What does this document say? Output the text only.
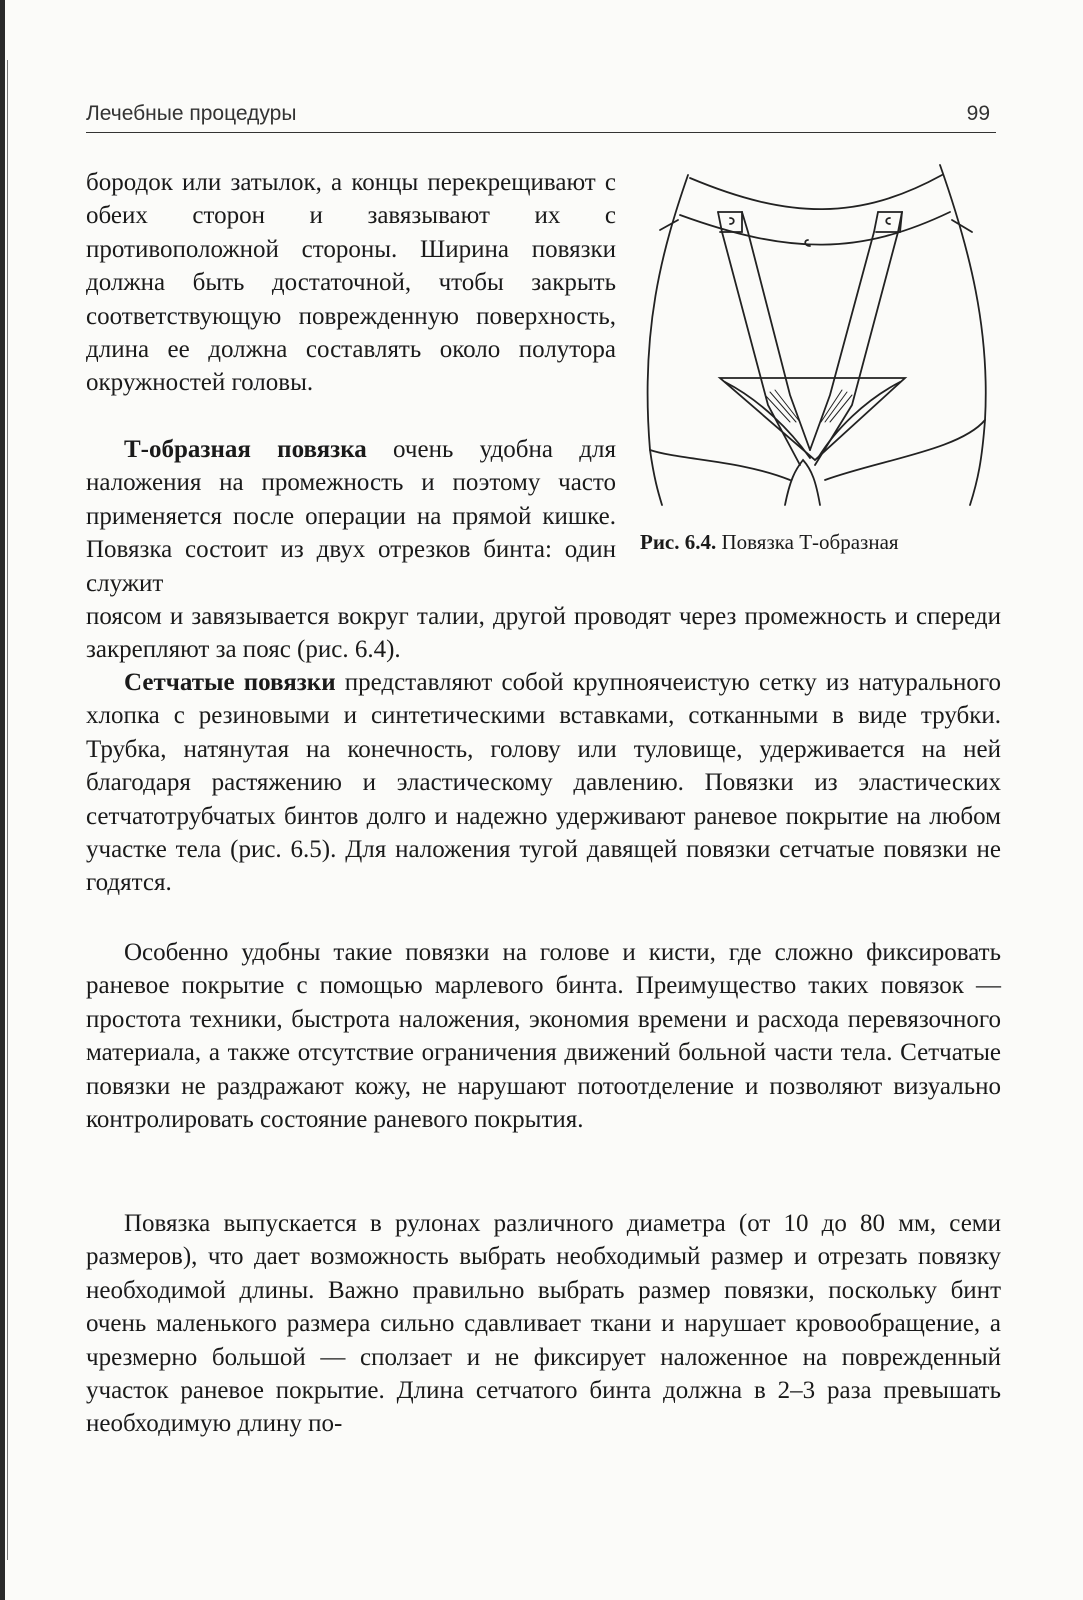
Лечебные процедуры	99

бородок или затылок, а концы перекрещивают с обеих сторон и завязывают их с противоположной стороны. Ширина повязки должна быть достаточной, чтобы закрыть соответствующую поврежденную поверхность, длина ее должна составлять около полутора окружностей головы.

Т-образная повязка очень удобна для наложения на промежность и поэтому часто применяется после операции на прямой кишке. Повязка состоит из двух отрезков бинта: один служит

поясом и завязывается вокруг талии, другой проводят через промежность и спереди закрепляют за пояс (рис. 6.4).

Сетчатые повязки представляют собой крупноячеистую сетку из натурального хлопка с резиновыми и синтетическими вставками, сотканными в виде трубки. Трубка, натянутая на конечность, голову или туловище, удерживается на ней благодаря растяжению и эластическому давлению. Повязки из эластических сетчатотрубчатых бинтов долго и надежно удерживают раневое покрытие на любом участке тела (рис. 6.5). Для наложения тугой давящей повязки сетчатые повязки не годятся.

Особенно удобны такие повязки на голове и кисти, где сложно фиксировать раневое покрытие с помощью марлевого бинта. Преимущество таких повязок — простота техники, быстрота наложения, экономия времени и расхода перевязочного материала, а также отсутствие ограничения движений больной части тела. Сетчатые повязки не раздражают кожу, не нарушают потоотделение и позволяют визуально контролировать состояние раневого покрытия.

Повязка выпускается в рулонах различного диаметра (от 10 до 80 мм, семи размеров), что дает возможность выбрать необходимый размер и отрезать повязку необходимой длины. Важно правильно выбрать размер повязки, поскольку бинт очень маленького размера сильно сдавливает ткани и нарушает кровообращение, а чрезмерно большой — сползает и не фиксирует наложенное на поврежденный участок раневое покрытие. Длина сетчатого бинта должна в 2–3 раза превышать необходимую длину по-

Рис. 6.4. Повязка Т-образная
